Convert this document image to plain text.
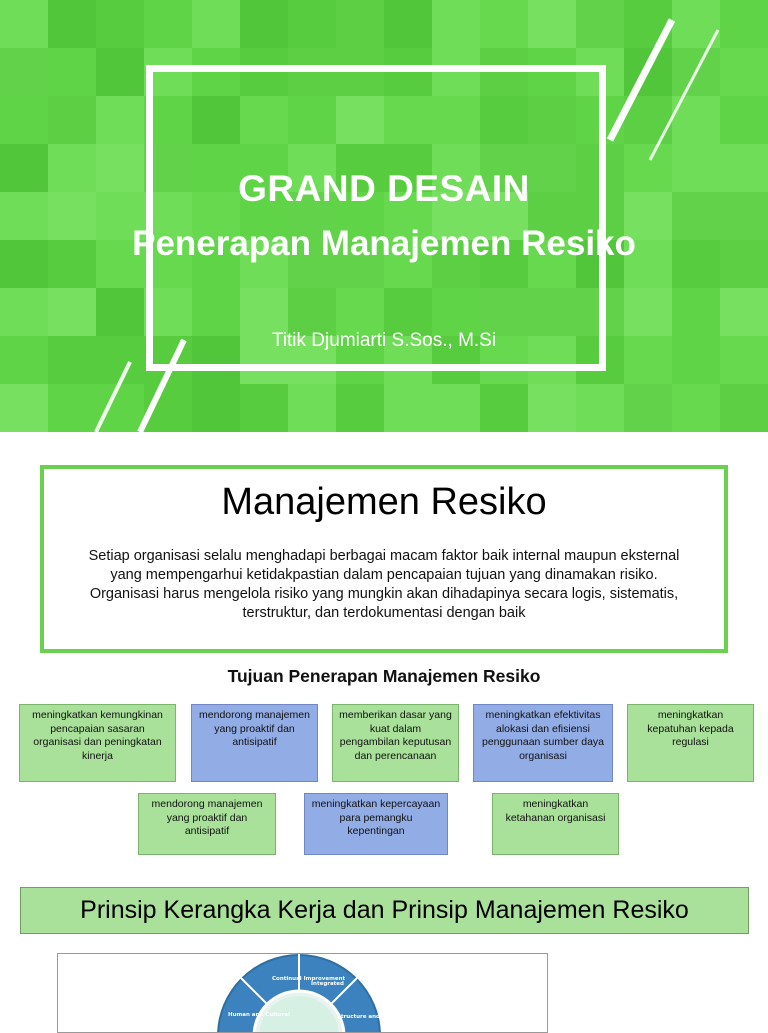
GRAND DESAIN
Penerapan Manajemen Resiko
Titik Djumiarti S.Sos., M.Si
Manajemen Resiko
Setiap organisasi selalu menghadapi berbagai macam faktor baik internal maupun eksterna​l yang mempengarhui ketidakpastian dalam pencapaian tujuan yang dinamakan risiko. Organisasi harus mengelola risiko yang mungkin akan dihadapinya secara logis, sistematis, terstruktur, dan terdokumentasi dengan baik
Tujuan Penerapan Manajemen Resiko
meningkatkan kemungkinan pencapaian sasaran organisasi dan peningkatan kinerja
mendorong manajemen yang proaktif dan antisipatif
memberikan dasar yang kuat dalam pengambilan keputusan dan perencanaan
meningkatkan efektivitas alokasi dan efisiensi penggunaan sumber daya organisasi
meningkatkan kepatuhan kepada regulasi
mendorong manajemen yang proaktif dan antisipatif
meningkatkan kepercayaan para pemangku kepentingan
meningkatkan ketahanan organisasi
Prinsip Kerangka Kerja dan Prinsip Manajemen Resiko
Continual Improvement
Integrated
Human and Cultural	Structure and
